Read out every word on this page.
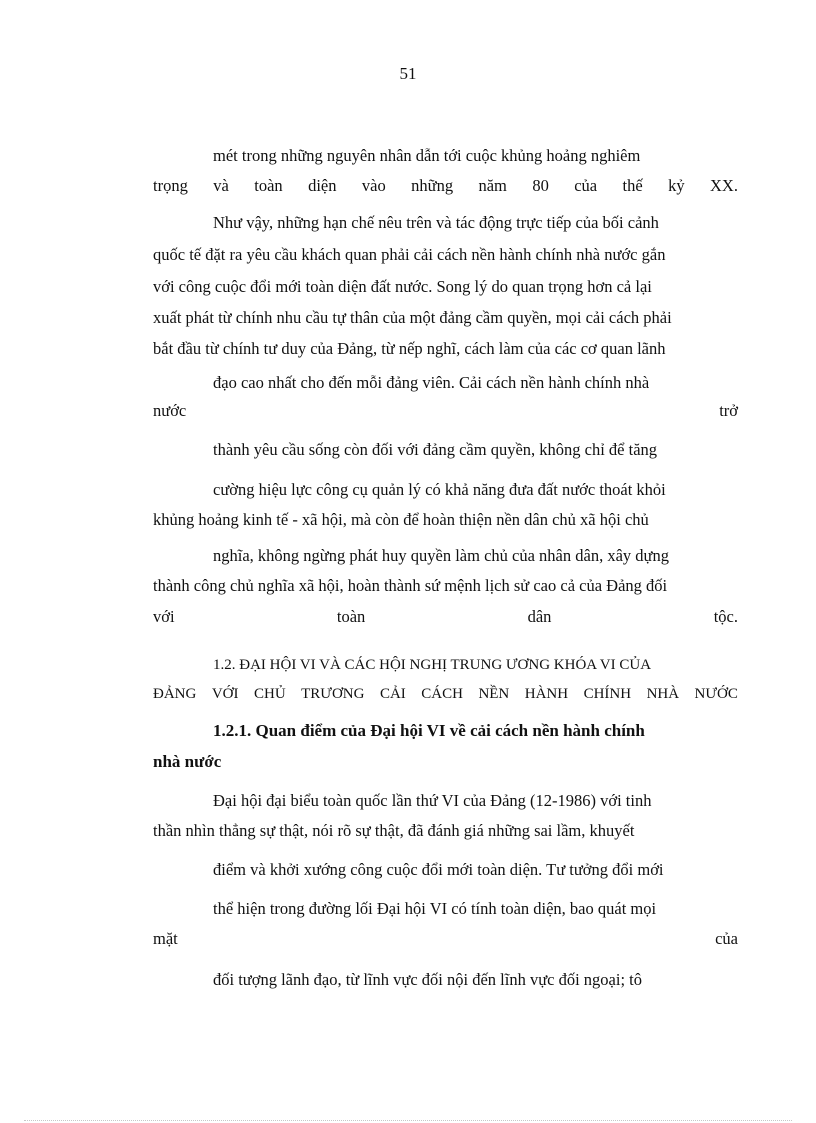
51
mét trong những nguyên nhân dẫn tới cuộc khủng hoảng nghiêm
trọng và toàn diện vào những năm 80 của thế kỷ XX.
Như vậy, những hạn chế nêu trên và tác động trực tiếp của bối cảnh
quốc tế đặt ra yêu cầu khách quan phải cải cách nền hành chính nhà nước gắn
với công cuộc đổi mới toàn diện đất nước. Song lý do quan trọng hơn cả lại
xuất phát từ chính nhu cầu tự thân của một đảng cầm quyền, mọi cải cách phải
bắt đầu từ chính tư duy của Đảng, từ nếp nghĩ, cách làm của các cơ quan lãnh
đạo cao nhất cho đến mỗi đảng viên. Cải cách nền hành chính nhà
nước	trở
thành yêu cầu sống còn đối với đảng cầm quyền, không chỉ để tăng
cường hiệu lực công cụ quản lý có khả năng đưa đất nước thoát khỏi
khủng hoảng kinh tế - xã hội, mà còn để hoàn thiện nền dân chủ xã hội chủ
nghĩa, không ngừng phát huy quyền làm chủ của nhân dân, xây dựng
thành công chủ nghĩa xã hội, hoàn thành sứ mệnh lịch sử cao cả của Đảng đối
với	toàn	dân	tộc.
1.2. ĐẠI HỘI VI VÀ CÁC HỘI NGHỊ TRUNG ƯƠNG KHÓA VI CỦA
ĐẢNG VỚI CHỦ TRƯƠNG CẢI CÁCH NỀN HÀNH CHÍNH NHÀ NƯỚC
1.2.1. Quan điểm của Đại hội VI về cải cách nền hành chính
nhà nước
Đại hội đại biểu toàn quốc lần thứ VI của Đảng (12-1986) với tinh
thần nhìn thẳng sự thật, nói rõ sự thật, đã đánh giá những sai lầm, khuyết
điểm và khởi xướng công cuộc đổi mới toàn diện. Tư tưởng đổi mới
thể hiện trong đường lối Đại hội VI có tính toàn diện, bao quát mọi
mặt	của
đối tượng lãnh đạo, từ lĩnh vực đối nội đến lĩnh vực đối ngoại; tô
